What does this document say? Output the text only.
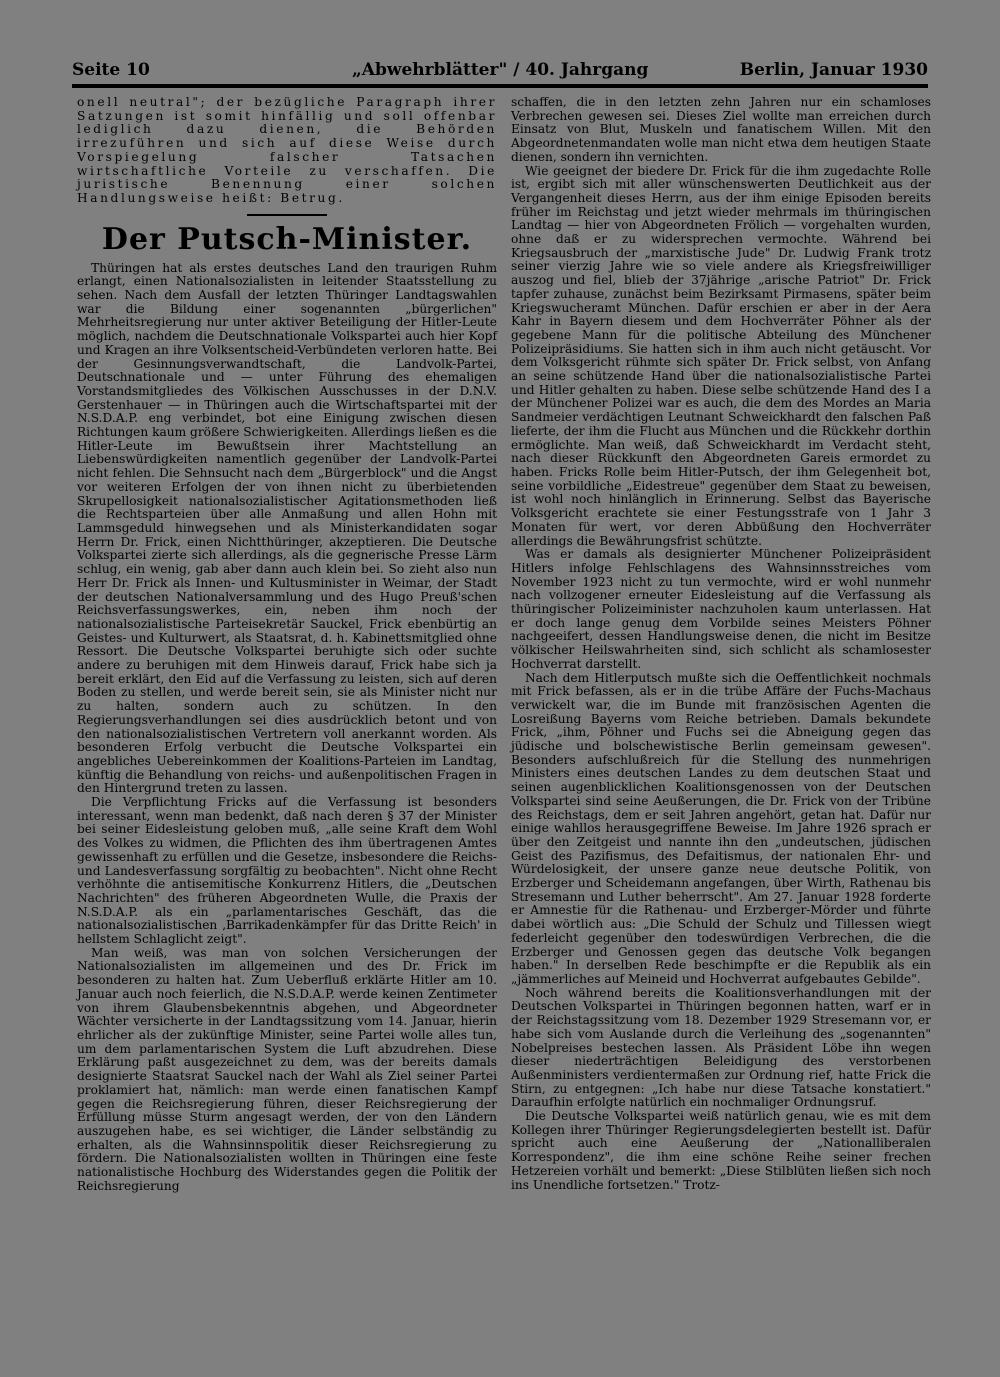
Seite 10	„Abwehrblätter" / 40. Jahrgang	Berlin, Januar 1930

onell neutral"; der bezügliche Paragraph ihrer Satzungen ist somit hinfällig und soll offenbar lediglich dazu dienen, die Behörden irrezuführen und sich auf diese Weise durch Vorspiegelung falscher Tatsachen wirtschaftliche Vorteile zu verschaffen. Die juristische Benennung einer solchen Handlungsweise heißt: Betrug.

Der Putsch-Minister.

Thüringen hat als erstes deutsches Land den traurigen Ruhm erlangt, einen Nationalsozialisten in leitender Staatsstellung zu sehen. Nach dem Ausfall der letzten Thüringer Landtagswahlen war die Bildung einer sogenannten „bürgerlichen" Mehrheitsregierung nur unter aktiver Beteiligung der Hitler-Leute möglich, nachdem die Deutschnationale Volkspartei auch hier Kopf und Kragen an ihre Volksentscheid-Verbündeten verloren hatte. Bei der Gesinnungsverwandtschaft, die Landvolk-Partei, Deutschnationale und — unter Führung des ehemaligen Vorstandsmitgliedes des Völkischen Ausschusses in der D.N.V. Gerstenhauer — in Thüringen auch die Wirtschaftspartei mit der N.S.D.A.P. eng verbindet, bot eine Einigung zwischen diesen Richtungen kaum größere Schwierigkeiten. Allerdings ließen es die Hitler-Leute im Bewußtsein ihrer Machtstellung an Liebenswürdigkeiten namentlich gegenüber der Landvolk-Partei nicht fehlen. Die Sehnsucht nach dem „Bürgerblock" und die Angst vor weiteren Erfolgen der von ihnen nicht zu überbietenden Skrupellosigkeit nationalsozialistischer Agitationsmethoden ließ die Rechtsparteien über alle Anmaßung und allen Hohn mit Lammsgeduld hinwegsehen und als Ministerkandidaten sogar Herrn Dr. Frick, einen Nichtthüringer, akzeptieren. Die Deutsche Volkspartei zierte sich allerdings, als die gegnerische Presse Lärm schlug, ein wenig, gab aber dann auch klein bei. So zieht also nun Herr Dr. Frick als Innen- und Kultusminister in Weimar, der Stadt der deutschen Nationalversammlung und des Hugo Preuß'schen Reichsverfassungswerkes, ein, neben ihm noch der nationalsozialistische Parteisekretär Sauckel, Frick ebenbürtig an Geistes- und Kulturwert, als Staatsrat, d. h. Kabinettsmitglied ohne Ressort. Die Deutsche Volkspartei beruhigte sich oder suchte andere zu beruhigen mit dem Hinweis darauf, Frick habe sich ja bereit erklärt, den Eid auf die Verfassung zu leisten, sich auf deren Boden zu stellen, und werde bereit sein, sie als Minister nicht nur zu halten, sondern auch zu schützen. In den Regierungsverhandlungen sei dies ausdrücklich betont und von den nationalsozialistischen Vertretern voll anerkannt worden. Als besonderen Erfolg verbucht die Deutsche Volkspartei ein angebliches Uebereinkommen der Koalitions-Parteien im Landtag, künftig die Behandlung von reichs- und außenpolitischen Fragen in den Hintergrund treten zu lassen.

Die Verpflichtung Fricks auf die Verfassung ist besonders interessant, wenn man bedenkt, daß nach deren § 37 der Minister bei seiner Eidesleistung geloben muß, „alle seine Kraft dem Wohl des Volkes zu widmen, die Pflichten des ihm übertragenen Amtes gewissenhaft zu erfüllen und die Gesetze, insbesondere die Reichs- und Landesverfassung sorgfältig zu beobachten". Nicht ohne Recht verhöhnte die antisemitische Konkurrenz Hitlers, die „Deutschen Nachrichten" des früheren Abgeordneten Wulle, die Praxis der N.S.D.A.P. als ein „parlamentarisches Geschäft, das die nationalsozialistischen ‚Barrikadenkämpfer für das Dritte Reich' in hellstem Schlaglicht zeigt".

Man weiß, was man von solchen Versicherungen der Nationalsozialisten im allgemeinen und des Dr. Frick im besonderen zu halten hat. Zum Ueberfluß erklärte Hitler am 10. Januar auch noch feierlich, die N.S.D.A.P. werde keinen Zentimeter von ihrem Glaubensbekenntnis abgehen, und Abgeordneter Wächter versicherte in der Landtagssitzung vom 14. Januar, hierin ehrlicher als der zukünftige Minister, seine Partei wolle alles tun, um dem parlamentarischen System die Luft abzudrehen. Diese Erklärung paßt ausgezeichnet zu dem, was der bereits damals designierte Staatsrat Sauckel nach der Wahl als Ziel seiner Partei proklamiert hat, nämlich: man werde einen fanatischen Kampf gegen die Reichsregierung führen, dieser Reichsregierung der Erfüllung müsse Sturm angesagt werden, der von den Ländern auszugehen habe, es sei wichtiger, die Länder selbständig zu erhalten, als die Wahnsinnspolitik dieser Reichsregierung zu fördern. Die Nationalsozialisten wollten in Thüringen eine feste nationalistische Hochburg des Widerstandes gegen die Politik der Reichsregierung

schaffen, die in den letzten zehn Jahren nur ein schamloses Verbrechen gewesen sei. Dieses Ziel wollte man erreichen durch Einsatz von Blut, Muskeln und fanatischem Willen. Mit den Abgeordnetenmandaten wolle man nicht etwa dem heutigen Staate dienen, sondern ihn vernichten.

Wie geeignet der biedere Dr. Frick für die ihm zugedachte Rolle ist, ergibt sich mit aller wünschenswerten Deutlichkeit aus der Vergangenheit dieses Herrn, aus der ihm einige Episoden bereits früher im Reichstag und jetzt wieder mehrmals im thüringischen Landtag — hier von Abgeordneten Frölich — vorgehalten wurden, ohne daß er zu widersprechen vermochte. Während bei Kriegsausbruch der „marxistische Jude" Dr. Ludwig Frank trotz seiner vierzig Jahre wie so viele andere als Kriegsfreiwilliger auszog und fiel, blieb der 37jährige „arische Patriot" Dr. Frick tapfer zuhause, zunächst beim Bezirksamt Pirmasens, später beim Kriegswucheramt München. Dafür erschien er aber in der Aera Kahr in Bayern diesem und dem Hochverräter Pöhner als der gegebene Mann für die politische Abteilung des Münchener Polizeipräsidiums. Sie hatten sich in ihm auch nicht getäuscht. Vor dem Volksgericht rühmte sich später Dr. Frick selbst, von Anfang an seine schützende Hand über die nationalsozialistische Partei und Hitler gehalten zu haben. Diese selbe schützende Hand des I a der Münchener Polizei war es auch, die dem des Mordes an Maria Sandmeier verdächtigen Leutnant Schweickhardt den falschen Paß lieferte, der ihm die Flucht aus München und die Rückkehr dorthin ermöglichte. Man weiß, daß Schweickhardt im Verdacht steht, nach dieser Rückkunft den Abgeordneten Gareis ermordet zu haben. Fricks Rolle beim Hitler-Putsch, der ihm Gelegenheit bot, seine vorbildliche „Eidestreue" gegenüber dem Staat zu beweisen, ist wohl noch hinlänglich in Erinnerung. Selbst das Bayerische Volksgericht erachtete sie einer Festungsstrafe von 1 Jahr 3 Monaten für wert, vor deren Abbüßung den Hochverräter allerdings die Bewährungsfrist schützte.

Was er damals als designierter Münchener Polizeipräsident Hitlers infolge Fehlschlagens des Wahnsinnsstreiches vom November 1923 nicht zu tun vermochte, wird er wohl nunmehr nach vollzogener erneuter Eidesleistung auf die Verfassung als thüringischer Polizeiminister nachzuholen kaum unterlassen. Hat er doch lange genug dem Vorbilde seines Meisters Pöhner nachgeeifert, dessen Handlungsweise denen, die nicht im Besitze völkischer Heilswahrheiten sind, sich schlicht als schamlosester Hochverrat darstellt.

Nach dem Hitlerputsch mußte sich die Oeffentlichkeit nochmals mit Frick befassen, als er in die trübe Affäre der Fuchs-Machaus verwickelt war, die im Bunde mit französischen Agenten die Losreißung Bayerns vom Reiche betrieben. Damals bekundete Frick, „ihm, Pöhner und Fuchs sei die Abneigung gegen das jüdische und bolschewistische Berlin gemeinsam gewesen". Besonders aufschlußreich für die Stellung des nunmehrigen Ministers eines deutschen Landes zu dem deutschen Staat und seinen augenblicklichen Koalitionsgenossen von der Deutschen Volkspartei sind seine Aeußerungen, die Dr. Frick von der Tribüne des Reichstags, dem er seit Jahren angehört, getan hat. Dafür nur einige wahllos herausgegriffene Beweise. Im Jahre 1926 sprach er über den Zeitgeist und nannte ihn den „undeutschen, jüdischen Geist des Pazifismus, des Defaitismus, der nationalen Ehr- und Würdelosigkeit, der unsere ganze neue deutsche Politik, von Erzberger und Scheidemann angefangen, über Wirth, Rathenau bis Stresemann und Luther beherrscht". Am 27. Januar 1928 forderte er Amnestie für die Rathenau- und Erzberger-Mörder und führte dabei wörtlich aus: „Die Schuld der Schulz und Tillessen wiegt federleicht gegenüber den todeswürdigen Verbrechen, die die Erzberger und Genossen gegen das deutsche Volk begangen haben." In derselben Rede beschimpfte er die Republik als ein „jämmerliches auf Meineid und Hochverrat aufgebautes Gebilde".

Noch während bereits die Koalitionsverhandlungen mit der Deutschen Volkspartei in Thüringen begonnen hatten, warf er in der Reichstagssitzung vom 18. Dezember 1929 Stresemann vor, er habe sich vom Auslande durch die Verleihung des „sogenannten" Nobelpreises bestechen lassen. Als Präsident Löbe ihn wegen dieser niederträchtigen Beleidigung des verstorbenen Außenministers verdientermaßen zur Ordnung rief, hatte Frick die Stirn, zu entgegnen: „Ich habe nur diese Tatsache konstatiert." Daraufhin erfolgte natürlich ein nochmaliger Ordnungsruf.

Die Deutsche Volkspartei weiß natürlich genau, wie es mit dem Kollegen ihrer Thüringer Regierungsdelegierten bestellt ist. Dafür spricht auch eine Aeußerung der „Nationalliberalen Korrespondenz", die ihm eine schöne Reihe seiner frechen Hetzereien vorhält und bemerkt: „Diese Stilblüten ließen sich noch ins Unendliche fortsetzen." Trotz-
